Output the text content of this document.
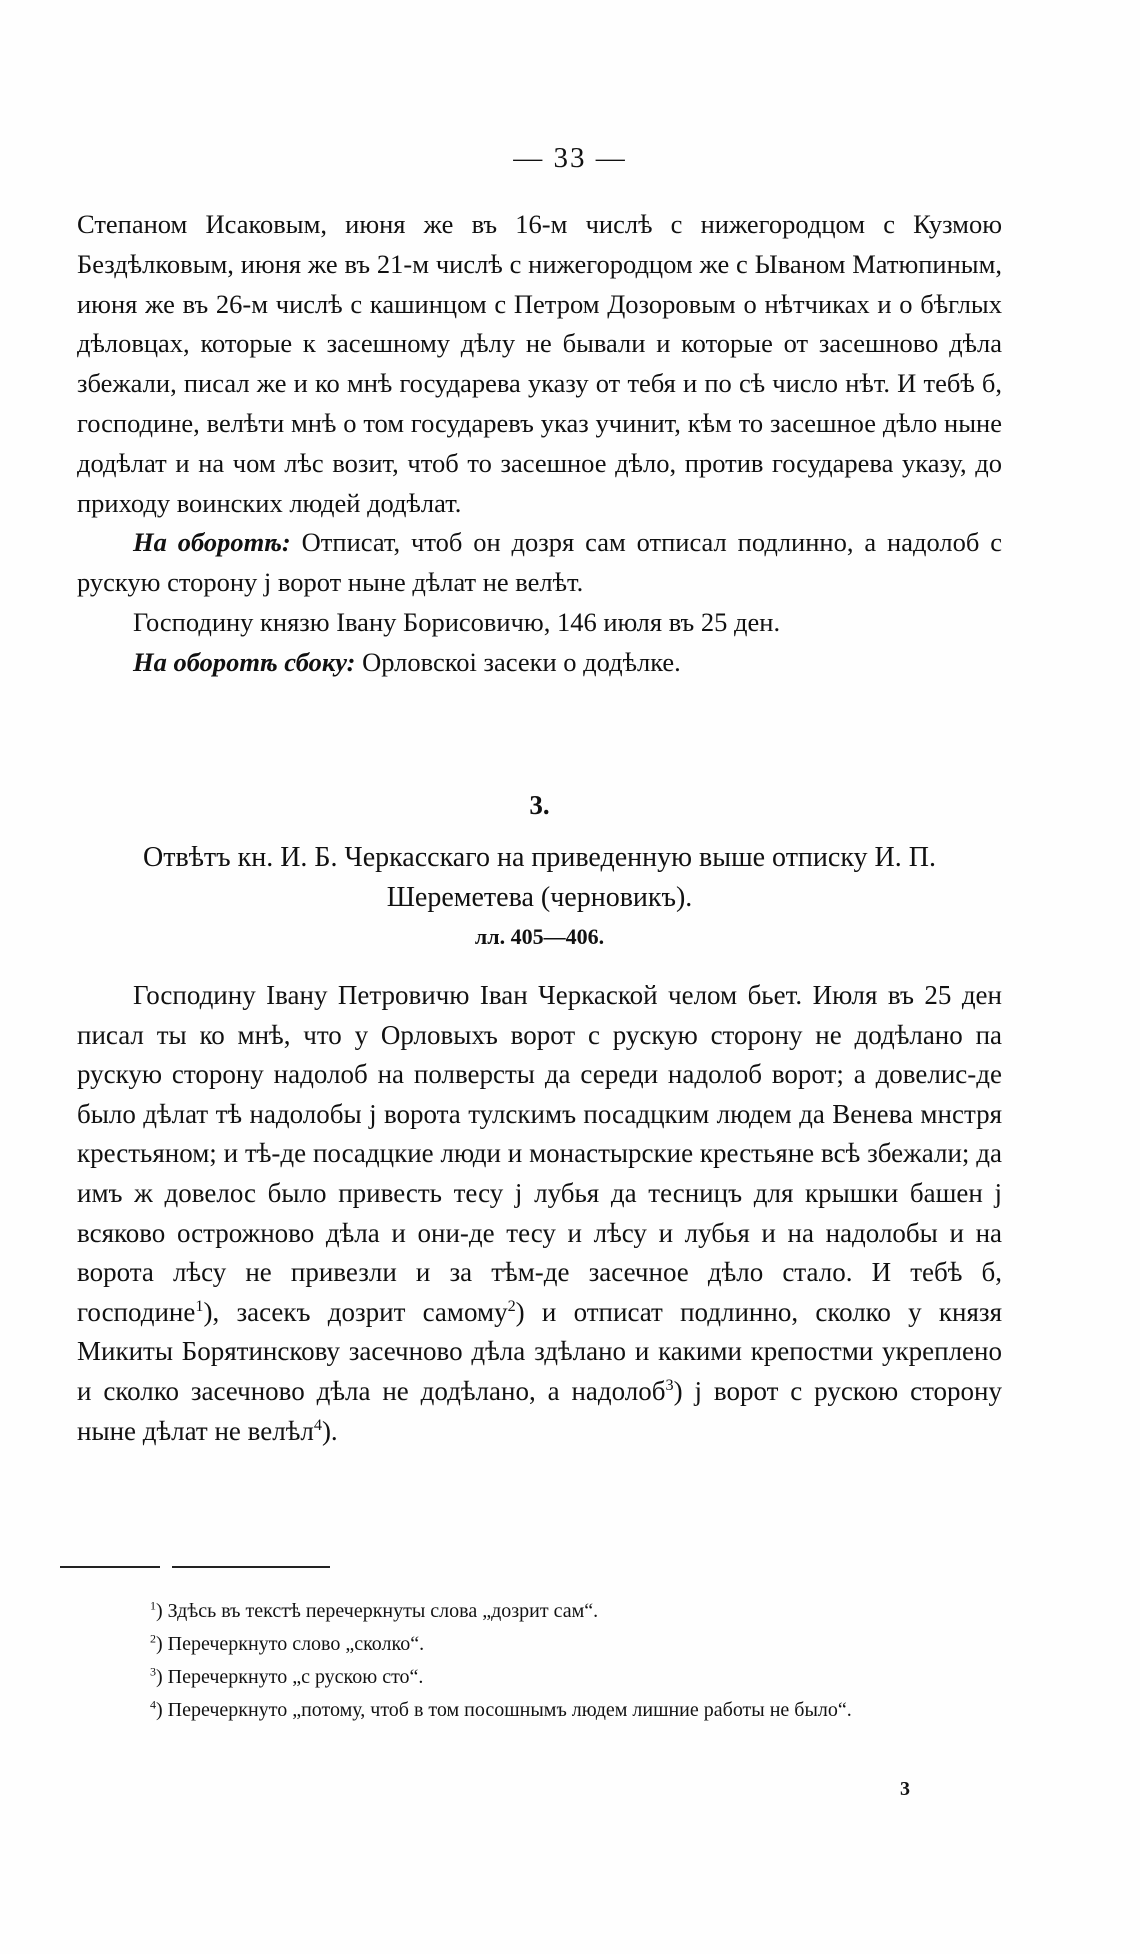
— 33 —

Степаном Исаковым, июня же въ 16-м числѣ с нижегородцом с Кузмою Бездѣлковым, июня же въ 21-м числѣ с нижегородцом же с Ываном Матюпиным, июня же въ 26-м числѣ с кашинцом с Петром Дозоровым о нѣтчиках и о бѣглых дѣловцах, которые к засешному дѣлу не бывали и которые от засешново дѣла збежали, писал же и ко мнѣ государева указу от тебя и по сѣ число нѣт. И тебѣ б, господине, велѣти мнѣ о том государевъ указ учинит, кѣм то засешное дѣло ныне додѣлат и на чом лѣс возит, чтоб то засешное дѣло, против государева указу, до приходу воинских людей додѣлат.

На оборотѣ: Отписат, чтоб он дозря сам отписал подлинно, а надолоб с рускую сторону ј ворот ныне дѣлат не велѣт.

Господину князю Івану Борисовичю, 146 июля въ 25 ден.

На оборотѣ сбоку: Орловскоі засеки о додѣлке.

3.

Отвѣтъ кн. И. Б. Черкасскаго на приведенную выше отписку И. П.

Шереметева (черновикъ).

лл. 405—406.

Господину Івану Петровичю Іван Черкаской челом бьет. Июля въ 25 ден писал ты ко мнѣ, что у Орловыхъ ворот с рускую сторону не додѣлано па рускую сторону надолоб на полверсты да середи надолоб ворот; а довелис-де было дѣлат тѣ надолобы ј ворота тулскимъ посадцким людем да Венева мнстря крестьяном; и тѣ-де посадцкие люди и монастырские крестьяне всѣ збежали; да имъ ж довелос было привесть тесу ј лубья да тесницъ для крышки башен ј всяково острожново дѣла и они-де тесу и лѣсу и лубья и на надолобы и на ворота лѣсу не привезли и за тѣм-де засечное дѣло стало. И тебѣ б, господине$^1$), засекъ дозрит самому$^2$) и отписат подлинно, сколко у князя Микиты Борятинскову засечново дѣла здѣлано и какими крепостми укреплено и сколко засечново дѣла не додѣлано, а надолоб$^3$) ј ворот с рускою сторону ныне дѣлат не велѣл$^4$).

$^1$) Здѣсь въ текстѣ перечеркнуты слова „дозрит сам“.

$^2$) Перечеркнуто слово „сколко“.

$^3$) Перечеркнуто „с рускою сто“.

$^4$) Перечеркнуто „потому, чтоб в том посошнымъ людем лишние работы не было“.

3
